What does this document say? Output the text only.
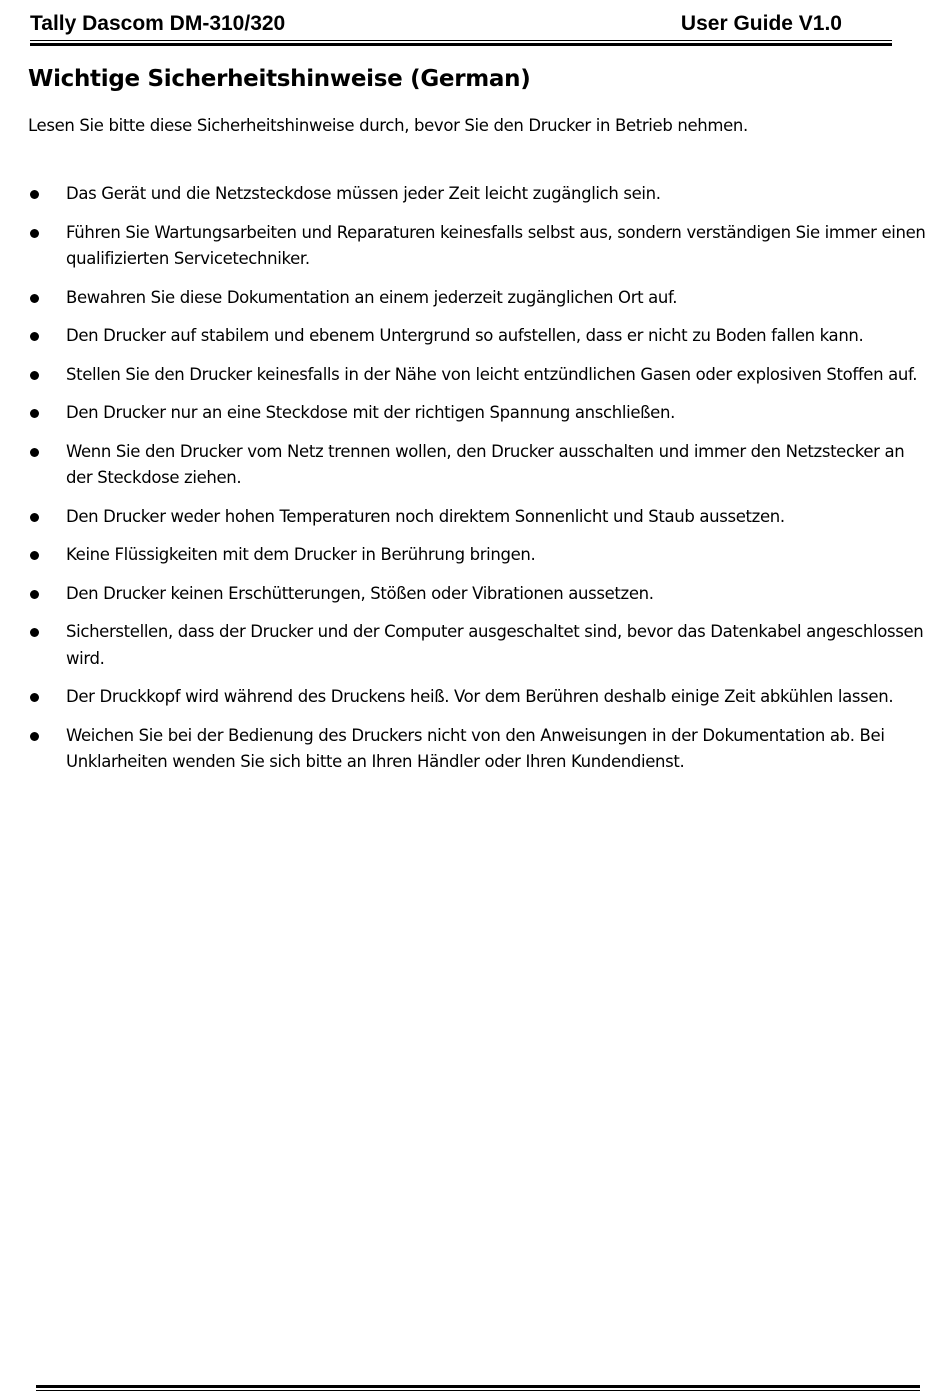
Tally Dascom DM-310/320	User Guide V1.0
Wichtige Sicherheitshinweise (German)

Lesen Sie bitte diese Sicherheitshinweise durch, bevor Sie den Drucker in Betrieb nehmen.

Das Gerät und die Netzsteckdose müssen jeder Zeit leicht zugänglich sein.
Führen Sie Wartungsarbeiten und Reparaturen keinesfalls selbst aus, sondern verständigen Sie immer einen qualifizierten Servicetechniker.
Bewahren Sie diese Dokumentation an einem jederzeit zugänglichen Ort auf.
Den Drucker auf stabilem und ebenem Untergrund so aufstellen, dass er nicht zu Boden fallen kann.
Stellen Sie den Drucker keinesfalls in der Nähe von leicht entzündlichen Gasen oder explosiven Stoffen auf.
Den Drucker nur an eine Steckdose mit der richtigen Spannung anschließen.
Wenn Sie den Drucker vom Netz trennen wollen, den Drucker ausschalten und immer den Netzstecker an der Steckdose ziehen.
Den Drucker weder hohen Temperaturen noch direktem Sonnenlicht und Staub aussetzen.
Keine Flüssigkeiten mit dem Drucker in Berührung bringen.
Den Drucker keinen Erschütterungen, Stößen oder Vibrationen aussetzen.
Sicherstellen, dass der Drucker und der Computer ausgeschaltet sind, bevor das Datenkabel angeschlossen wird.
Der Druckkopf wird während des Druckens heiß. Vor dem Berühren deshalb einige Zeit abkühlen lassen.
Weichen Sie bei der Bedienung des Druckers nicht von den Anweisungen in der Dokumentation ab. Bei Unklarheiten wenden Sie sich bitte an Ihren Händler oder Ihren Kundendienst.
